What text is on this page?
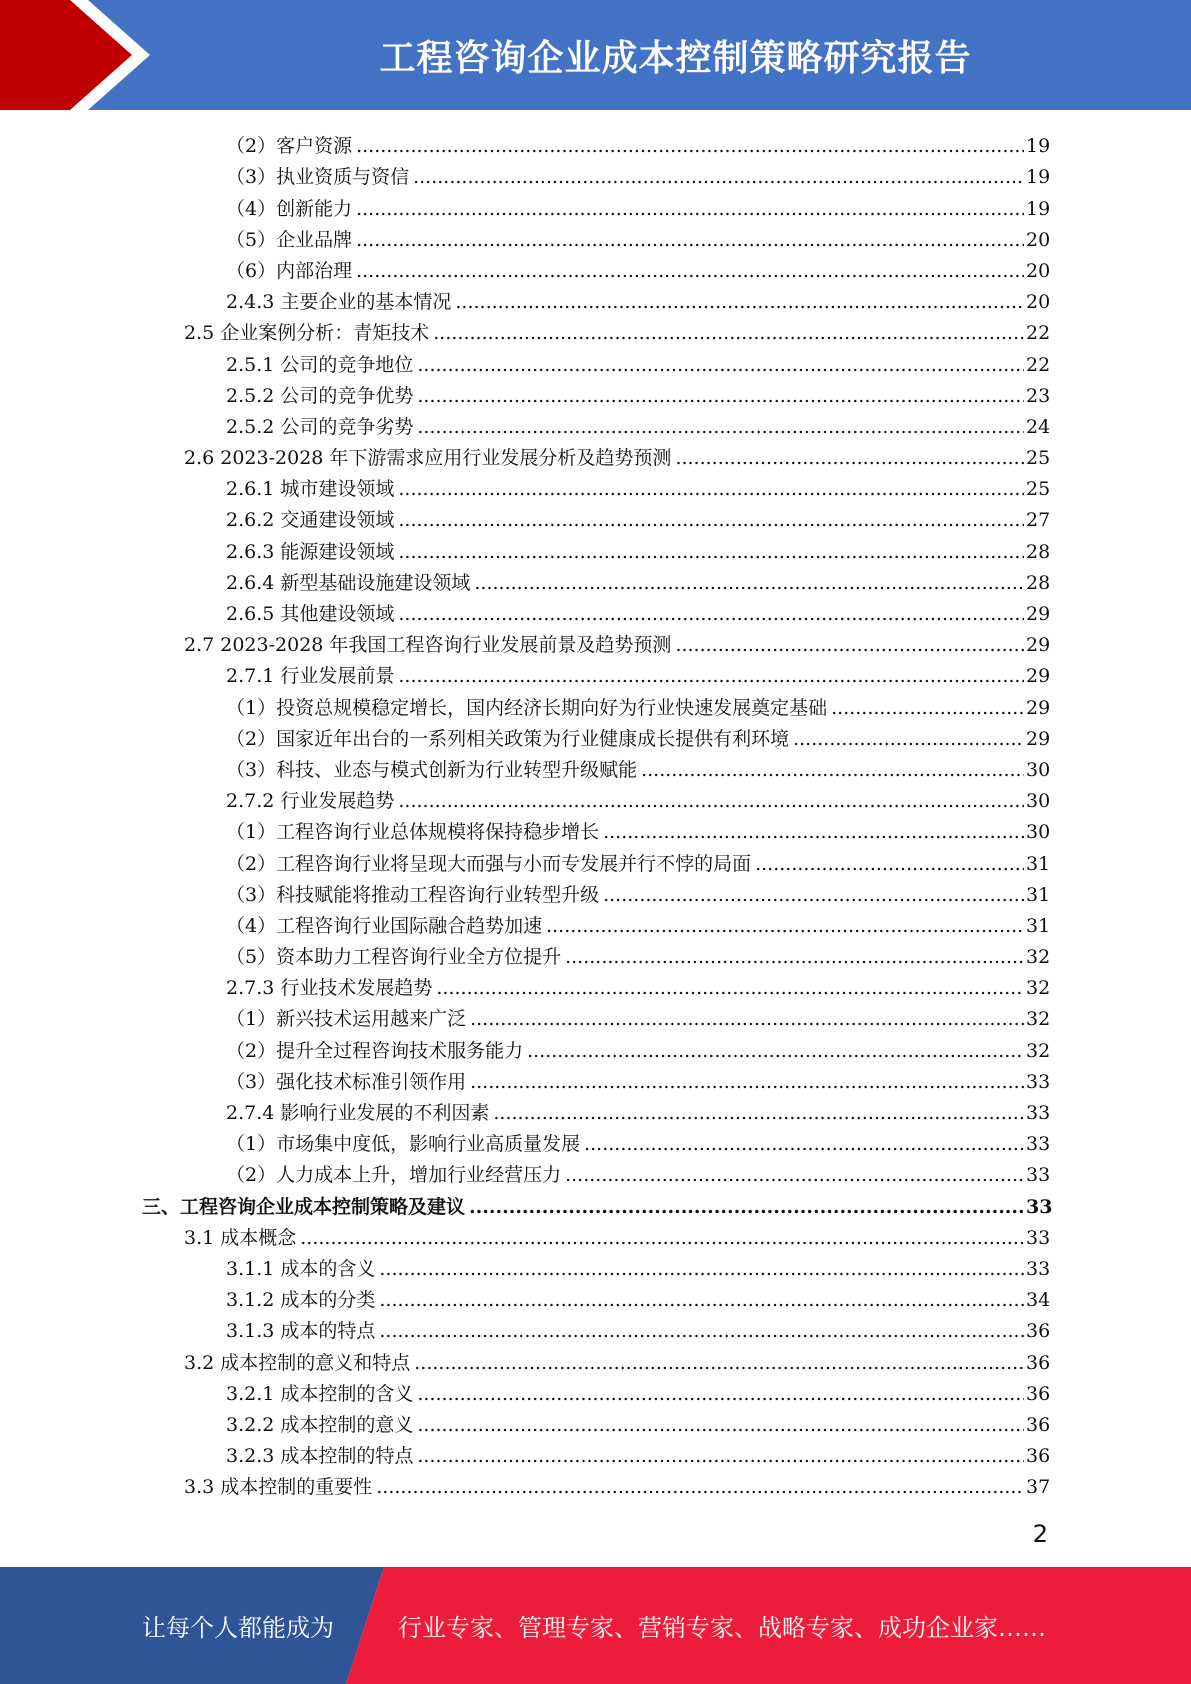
工程咨询企业成本控制策略研究报告
（2）客户资源 .....	19
（3）执业资质与资信 .....	19
（4）创新能力 .....	19
（5）企业品牌 .....	20
（6）内部治理 .....	20
2.4.3 主要企业的基本情况 .....	20
2.5 企业案例分析：青矩技术 .....	22
2.5.1 公司的竞争地位 .....	22
2.5.2 公司的竞争优势 .....	23
2.5.2 公司的竞争劣势 .....	24
2.6 2023-2028 年下游需求应用行业发展分析及趋势预测 .....	25
2.6.1 城市建设领域 .....	25
2.6.2 交通建设领域 .....	27
2.6.3 能源建设领域 .....	28
2.6.4 新型基础设施建设领域 .....	28
2.6.5 其他建设领域 .....	29
2.7 2023-2028 年我国工程咨询行业发展前景及趋势预测 .....	29
2.7.1 行业发展前景 .....	29
（1）投资总规模稳定增长，国内经济长期向好为行业快速发展奠定基础 .....	29
（2）国家近年出台的一系列相关政策为行业健康成长提供有利环境 .....	29
（3）科技、业态与模式创新为行业转型升级赋能 .....	30
2.7.2 行业发展趋势 .....	30
（1）工程咨询行业总体规模将保持稳步增长 .....	30
（2）工程咨询行业将呈现大而强与小而专发展并行不悖的局面 .....	31
（3）科技赋能将推动工程咨询行业转型升级 .....	31
（4）工程咨询行业国际融合趋势加速 .....	31
（5）资本助力工程咨询行业全方位提升 .....	32
2.7.3 行业技术发展趋势 .....	32
（1）新兴技术运用越来广泛 .....	32
（2）提升全过程咨询技术服务能力 .....	32
（3）强化技术标准引领作用 .....	33
2.7.4 影响行业发展的不利因素 .....	33
（1）市场集中度低，影响行业高质量发展 .....	33
（2）人力成本上升，增加行业经营压力 .....	33
三、工程咨询企业成本控制策略及建议 .....	33
3.1 成本概念 .....	33
3.1.1 成本的含义 .....	33
3.1.2 成本的分类 .....	34
3.1.3 成本的特点 .....	36
3.2 成本控制的意义和特点 .....	36
3.2.1 成本控制的含义 .....	36
3.2.2 成本控制的意义 .....	36
3.2.3 成本控制的特点 .....	36
3.3 成本控制的重要性 .....	37
2
让每个人都能成为	行业专家、管理专家、营销专家、战略专家、成功企业家……
